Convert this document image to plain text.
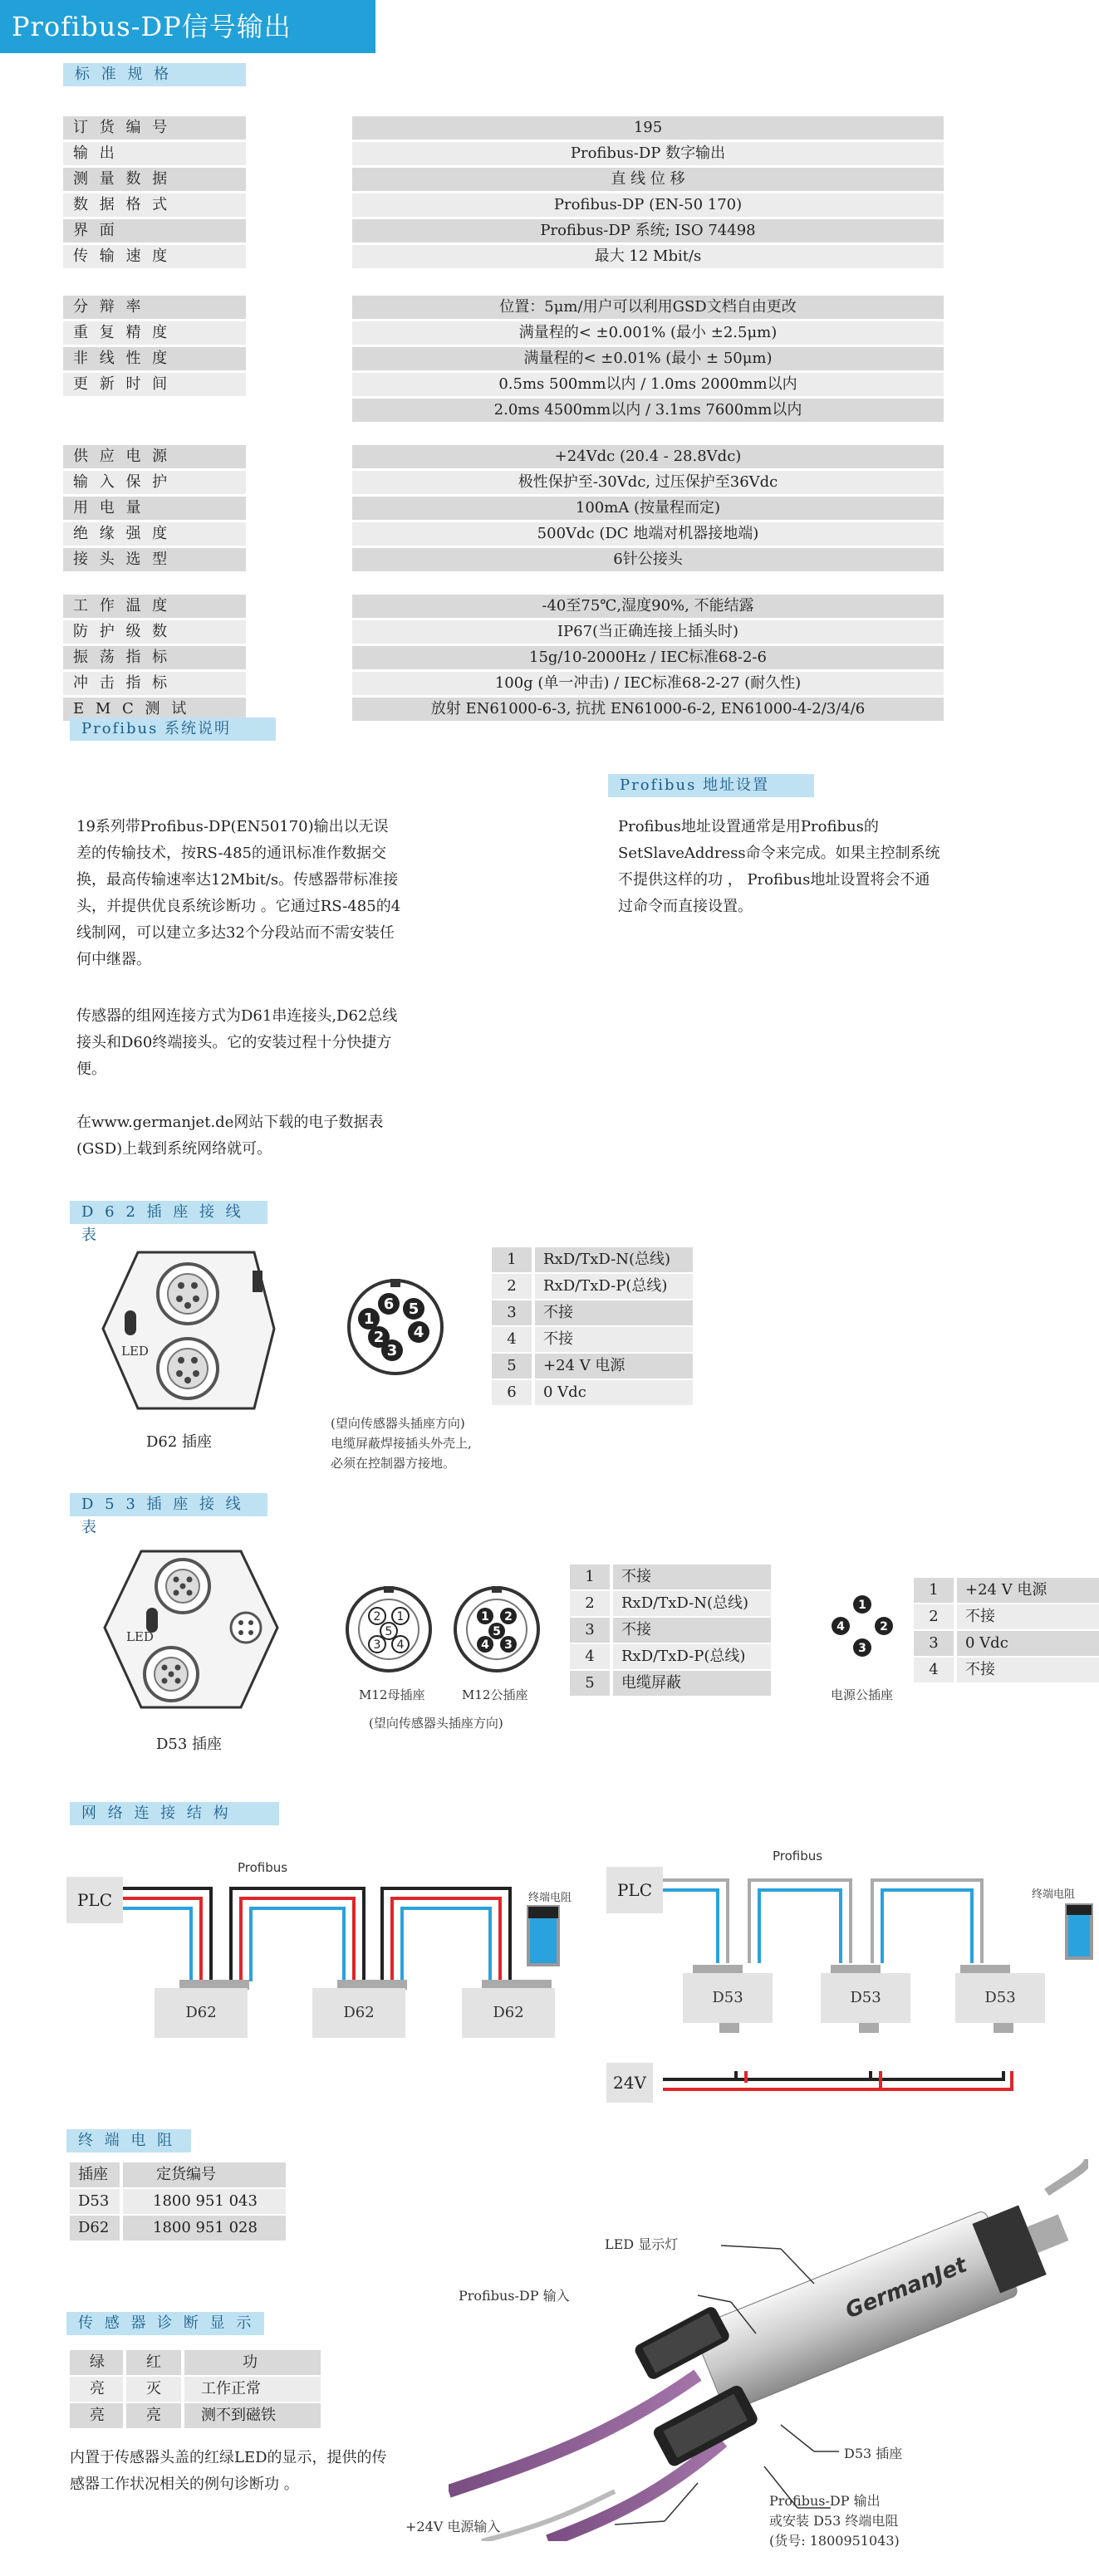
Profibus-DP信号输出
标 准 规 格
订 货 编 号	195
输 出	Profibus-DP 数字输出
测 量 数 据	直 线 位 移
数 据 格 式	Profibus-DP (EN-50 170)
界 面	Profibus-DP 系统; ISO 74498
传 输 速 度	最大 12 Mbit/s
分 辩 率	位置：5μm/用户可以利用GSD文档自由更改
重 复 精 度	满量程的< ±0.001% (最小 ±2.5μm)
非 线 性 度	满量程的< ±0.01% (最小 ± 50μm)
更 新 时 间	0.5ms 500mm以内 / 1.0ms 2000mm以内
2.0ms 4500mm以内 / 3.1ms 7600mm以内
供 应 电 源	+24Vdc (20.4 - 28.8Vdc)
输 入 保 护	极性保护至-30Vdc, 过压保护至36Vdc
用 电 量	100mA (按量程而定)
绝 缘 强 度	500Vdc (DC 地端对机器接地端)
接 头 选 型	6针公接头
工 作 温 度	-40至75℃,湿度90%, 不能结露
防 护 级 数	IP67(当正确连接上插头时)
振 荡 指 标	15g/10-2000Hz / IEC标准68-2-6
冲 击 指 标	100g (单一冲击) / IEC标准68-2-27 (耐久性)
E M C 测 试	放射 EN61000-6-3, 抗扰 EN61000-6-2, EN61000-4-2/3/4/6
Profibus 系统说明
19系列带Profibus-DP(EN50170)输出以无误差的传输技术，按RS-485的通讯标准作数据交换，最高传输速率达12Mbit/s。传感器带标准接头，并提供优良系统诊断功 。它通过RS-485的4线制网，可以建立多达32个分段站而不需安装任何中继器。
传感器的组网连接方式为D61串连接头,D62总线接头和D60终端接头。它的安装过程十分快捷方便。
在www.germanjet.de网站下载的电子数据表(GSD)上载到系统网络就可。
Profibus 地址设置
Profibus地址设置通常是用Profibus的SetSlaveAddress命令来完成。如果主控制系统不提供这样的功 ， Profibus地址设置将会不通过命令而直接设置。
D 6 2 插 座 接 线 表
LED
D62 插座
1
6 5
4
3
2
(望向传感器头插座方向)
电缆屏蔽焊接插头外壳上,
必须在控制器方接地。
1	RxD/TxD-N(总线)
2	RxD/TxD-P(总线)
3	不接
4	不接
5	+24 V 电源
6	0 Vdc
D 5 3 插 座 接 线 表
LED
D53 插座
2 1
5
3 4
1 2
5
4 3
M12母插座	M12公插座
(望向传感器头插座方向)
1	不接
2	RxD/TxD-N(总线)
3	不接
4	RxD/TxD-P(总线)
5	电缆屏蔽
1
2
3
4
电源公插座
1	+24 V 电源
2	不接
3	0 Vdc
4	不接
网 络 连 接 结 构
PLC
Profibus
终端电阻
D62	D62	D62
PLC
Profibus
终端电阻
D53	D53	D53
24V
终 端 电 阻
插座	定货编号
D53	1800 951 043
D62	1800 951 028
传 感 器 诊 断 显 示
绿	红	功
亮	灭	工作正常
亮	亮	测不到磁铁
内置于传感器头盖的红绿LED的显示，提供的传感器工作状况相关的例句诊断功 。
GermanJet
LED 显示灯
Profibus-DP 输入
D53 插座
+24V 电源输入
Profibus-DP 输出
或安装 D53 终端电阻
(货号: 1800951043)
